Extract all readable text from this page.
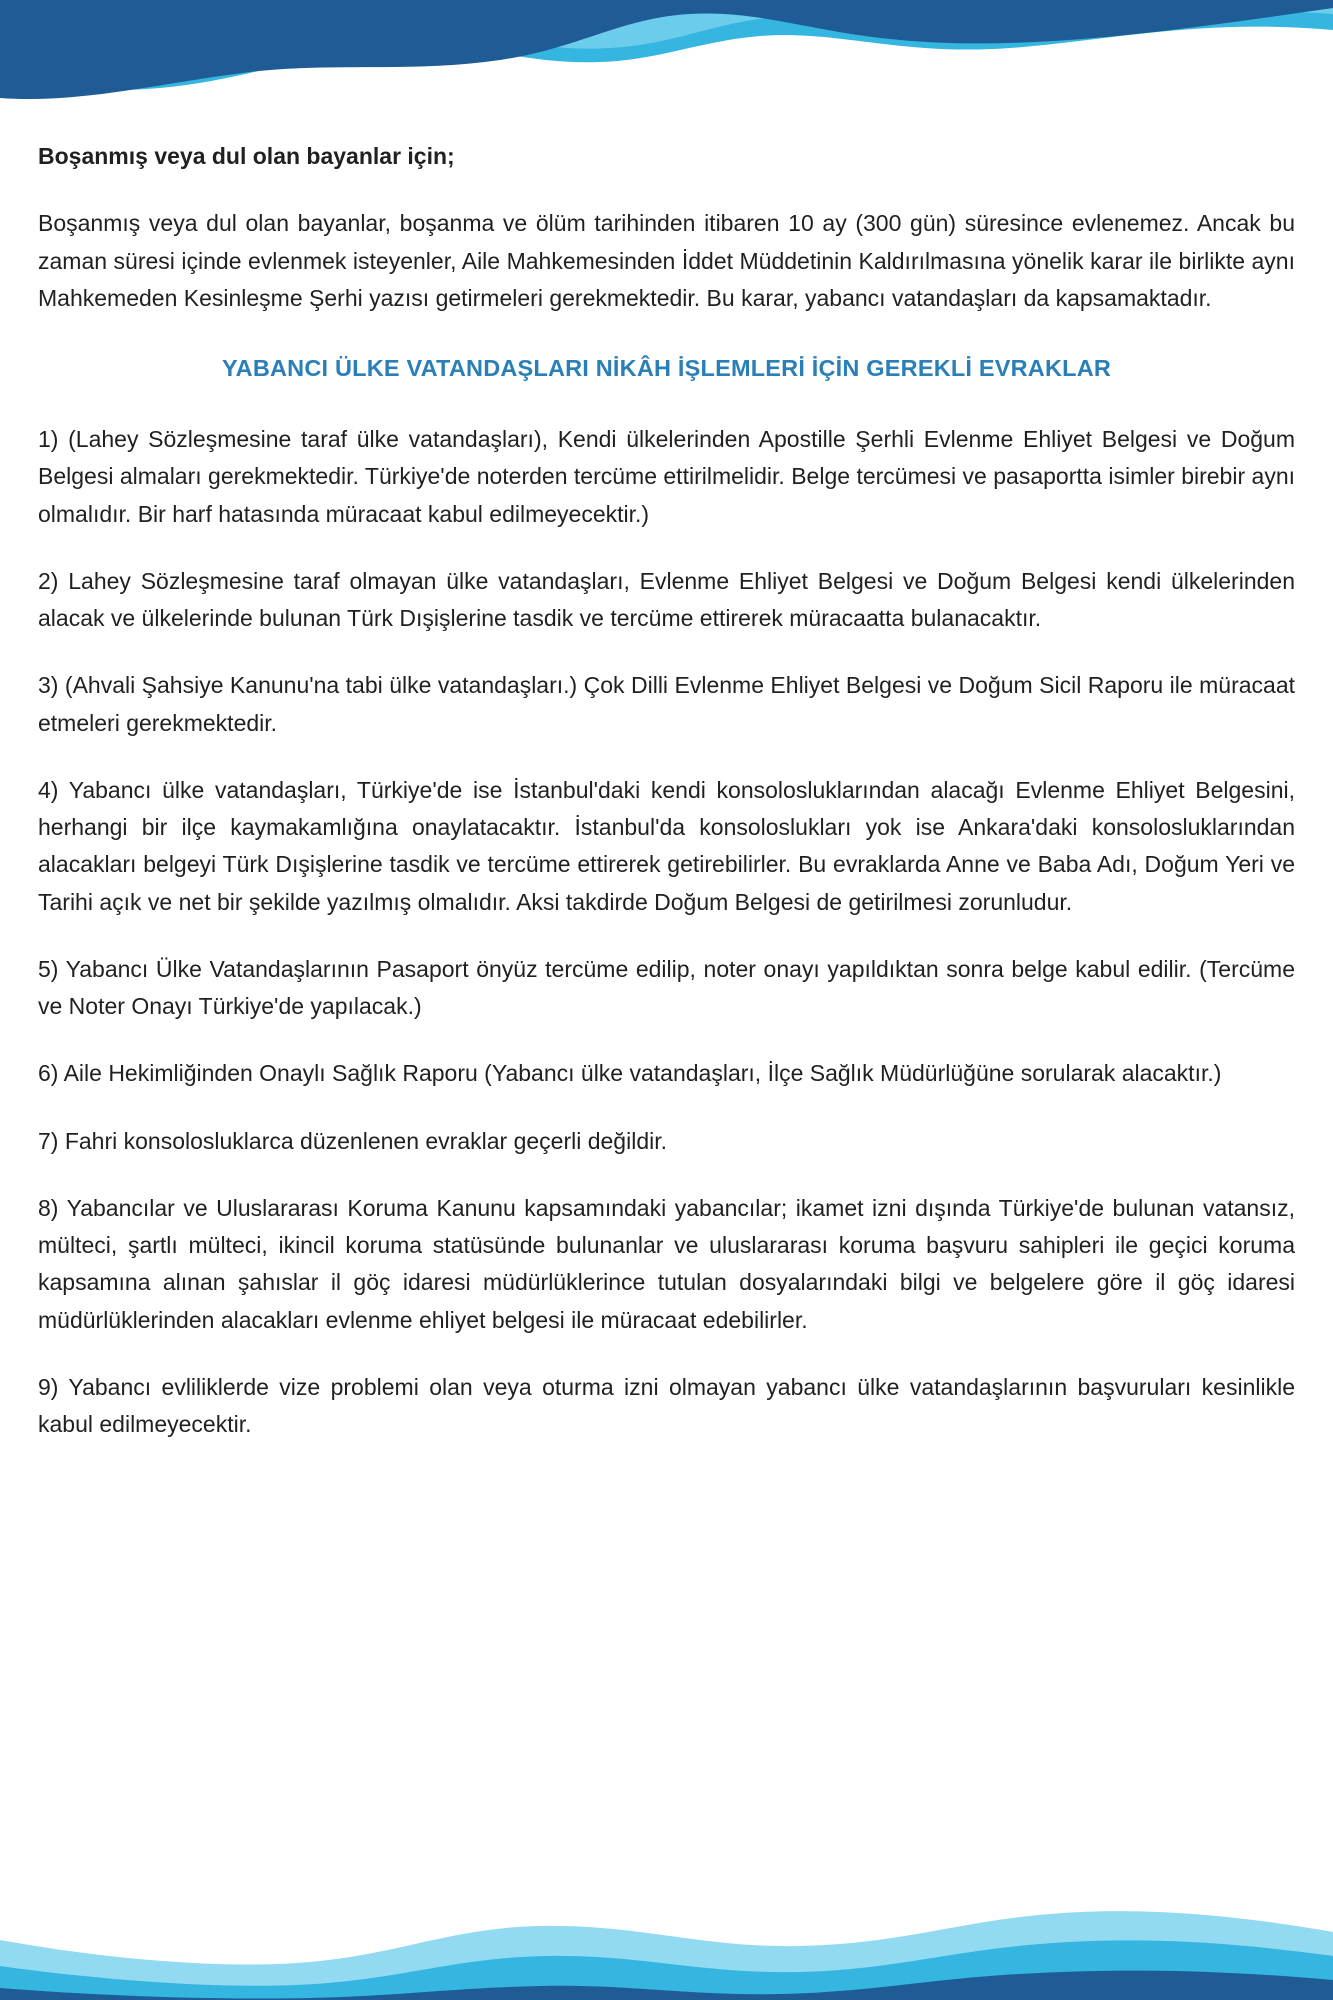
Boşanmış veya dul olan bayanlar için;

Boşanmış veya dul olan bayanlar, boşanma ve ölüm tarihinden itibaren 10 ay (300 gün) süresince evlenemez. Ancak bu zaman süresi içinde evlenmek isteyenler, Aile Mahkemesinden İddet Müddetinin Kaldırılmasına yönelik karar ile birlikte aynı Mahkemeden Kesinleşme Şerhi yazısı getirmeleri gerekmektedir. Bu karar, yabancı vatandaşları da kapsamaktadır.

YABANCI ÜLKE VATANDAŞLARI NİKÂH İŞLEMLERİ İÇİN GEREKLİ EVRAKLAR

1) (Lahey Sözleşmesine taraf ülke vatandaşları), Kendi ülkelerinden Apostille Şerhli Evlenme Ehliyet Belgesi ve Doğum Belgesi almaları gerekmektedir. Türkiye'de noterden tercüme ettirilmelidir. Belge tercümesi ve pasaportta isimler birebir aynı olmalıdır. Bir harf hatasında müracaat kabul edilmeyecektir.)

2) Lahey Sözleşmesine taraf olmayan ülke vatandaşları, Evlenme Ehliyet Belgesi ve Doğum Belgesi kendi ülkelerinden alacak ve ülkelerinde bulunan Türk Dışişlerine tasdik ve tercüme ettirerek müracaatta bulanacaktır.

3) (Ahvali Şahsiye Kanunu'na tabi ülke vatandaşları.) Çok Dilli Evlenme Ehliyet Belgesi ve Doğum Sicil Raporu ile müracaat etmeleri gerekmektedir.

4) Yabancı ülke vatandaşları, Türkiye'de ise İstanbul'daki kendi konsolosluklarından alacağı Evlenme Ehliyet Belgesini, herhangi bir ilçe kaymakamlığına onaylatacaktır. İstanbul'da konsoloslukları yok ise Ankara'daki konsolosluklarından alacakları belgeyi Türk Dışişlerine tasdik ve tercüme ettirerek getirebilirler. Bu evraklarda Anne ve Baba Adı, Doğum Yeri ve Tarihi açık ve net bir şekilde yazılmış olmalıdır. Aksi takdirde Doğum Belgesi de getirilmesi zorunludur.

5) Yabancı Ülke Vatandaşlarının Pasaport önyüz tercüme edilip, noter onayı yapıldıktan sonra belge kabul edilir. (Tercüme ve Noter Onayı Türkiye'de yapılacak.)

6) Aile Hekimliğinden Onaylı Sağlık Raporu (Yabancı ülke vatandaşları, İlçe Sağlık Müdürlüğüne sorularak alacaktır.)

7) Fahri konsolosluklarca düzenlenen evraklar geçerli değildir.

8) Yabancılar ve Uluslararası Koruma Kanunu kapsamındaki yabancılar; ikamet izni dışında Türkiye'de bulunan vatansız, mülteci, şartlı mülteci, ikincil koruma statüsünde bulunanlar ve uluslararası koruma başvuru sahipleri ile geçici koruma kapsamına alınan şahıslar il göç idaresi müdürlüklerince tutulan dosyalarındaki bilgi ve belgelere göre il göç idaresi müdürlüklerinden alacakları evlenme ehliyet belgesi ile müracaat edebilirler.

9) Yabancı evliliklerde vize problemi olan veya oturma izni olmayan yabancı ülke vatandaşlarının başvuruları kesinlikle kabul edilmeyecektir.
